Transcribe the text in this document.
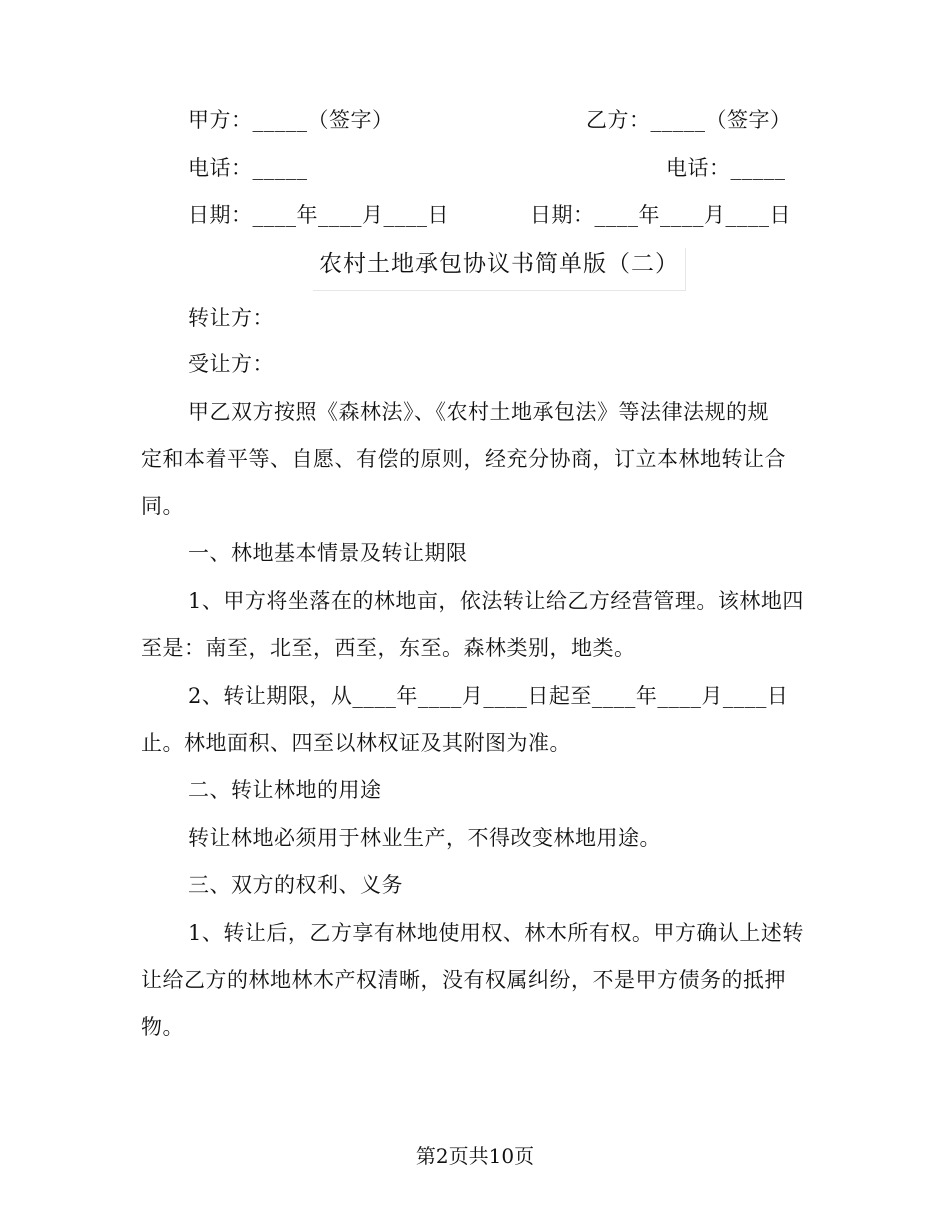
甲方：_____（签字）	乙方：_____（签字）
电话：_____	电话：_____
日期：____年____月____日	日期：____年____月____日
农村土地承包协议书简单版（二）
转让方：
受让方：
甲乙双方按照《森林法》、《农村土地承包法》等法律法规的规
定和本着平等、自愿、有偿的原则，经充分协商，订立本林地转让合
同。
一、林地基本情景及转让期限
1、甲方将坐落在的林地亩，依法转让给乙方经营管理。该林地四
至是：南至，北至，西至，东至。森林类别，地类。
2、转让期限，从____年____月____日起至____年____月____日
止。林地面积、四至以林权证及其附图为准。
二、转让林地的用途
转让林地必须用于林业生产，不得改变林地用途。
三、双方的权利、义务
1、转让后，乙方享有林地使用权、林木所有权。甲方确认上述转
让给乙方的林地林木产权清晰，没有权属纠纷，不是甲方债务的抵押
物。
第2页共10页
